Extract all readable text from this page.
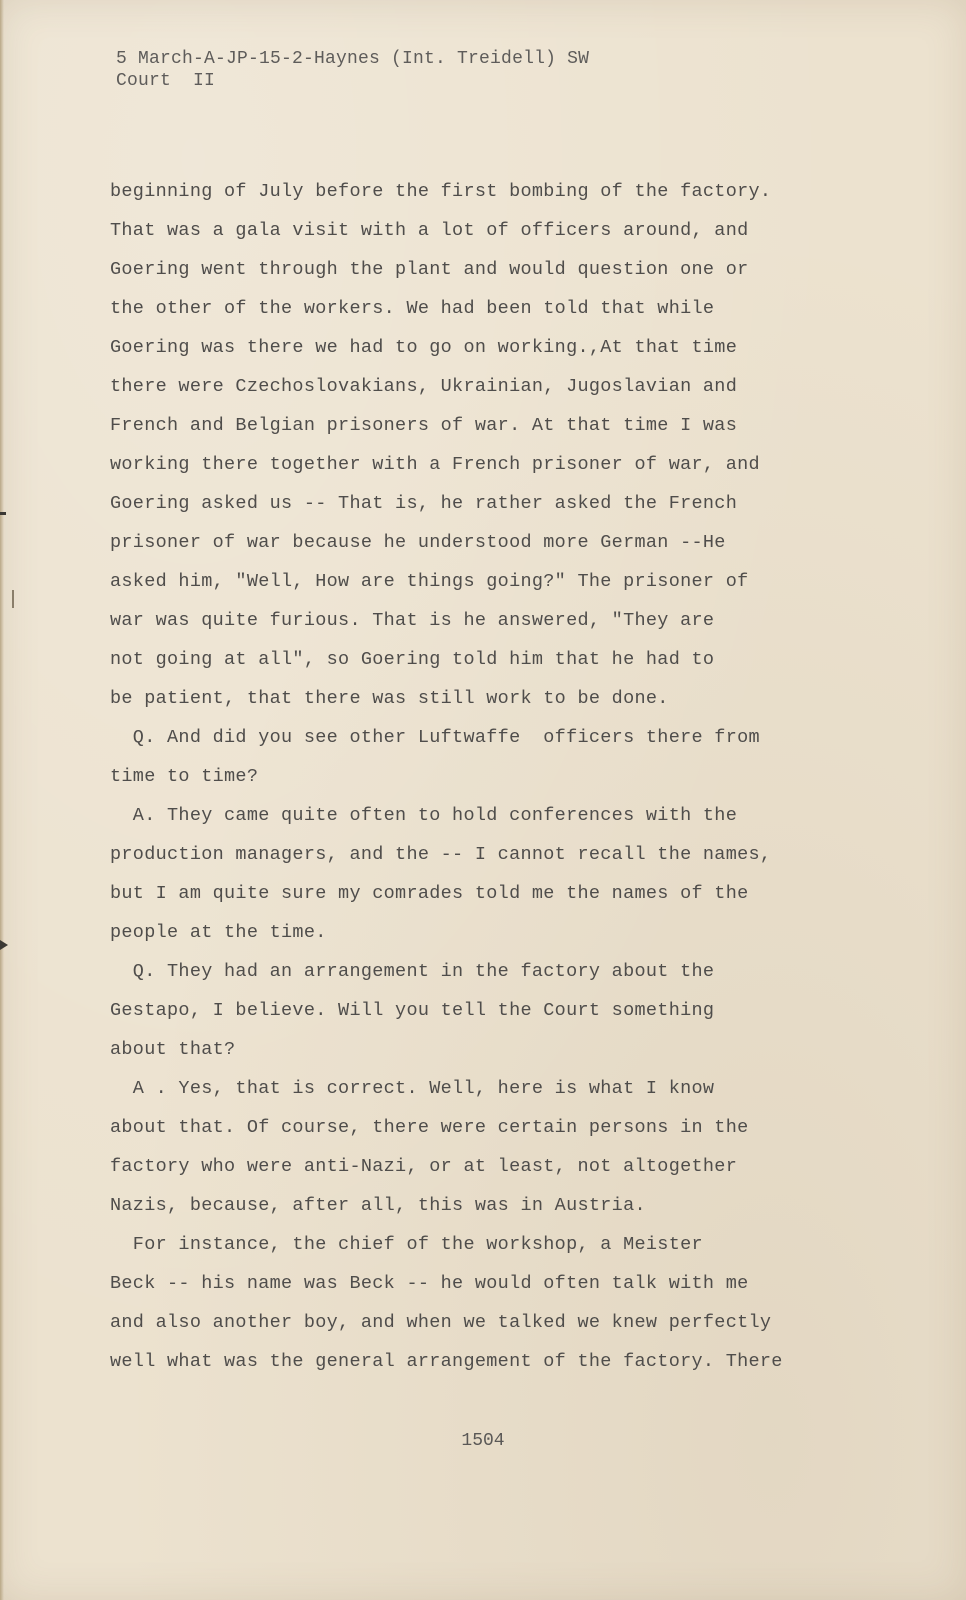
5 March-A-JP-15-2-Haynes (Int. Treidell) SW
Court  II
beginning of July before the first bombing of the factory.
That was a gala visit with a lot of officers around, and
Goering went through the plant and would question one or
the other of the workers. We had been told that while
Goering was there we had to go on working.,At that time
there were Czechoslovakians, Ukrainian, Jugoslavian and
French and Belgian prisoners of war. At that time I was
working there together with a French prisoner of war, and
Goering asked us -- That is, he rather asked the French
prisoner of war because he understood more German --He
asked him, "Well, How are things going?" The prisoner of
war was quite furious. That is he answered, "They are
not going at all", so Goering told him that he had to
be patient, that there was still work to be done.
Q. And did you see other Luftwaffe  officers there from
time to time?
A. They came quite often to hold conferences with the
production managers, and the -- I cannot recall the names,
but I am quite sure my comrades told me the names of the
people at the time.
Q. They had an arrangement in the factory about the
Gestapo, I believe. Will you tell the Court something
about that?
A . Yes, that is correct. Well, here is what I know
about that. Of course, there were certain persons in the
factory who were anti-Nazi, or at least, not altogether
Nazis, because, after all, this was in Austria.
For instance, the chief of the workshop, a Meister
Beck -- his name was Beck -- he would often talk with me
and also another boy, and when we talked we knew perfectly
well what was the general arrangement of the factory. There
1504
